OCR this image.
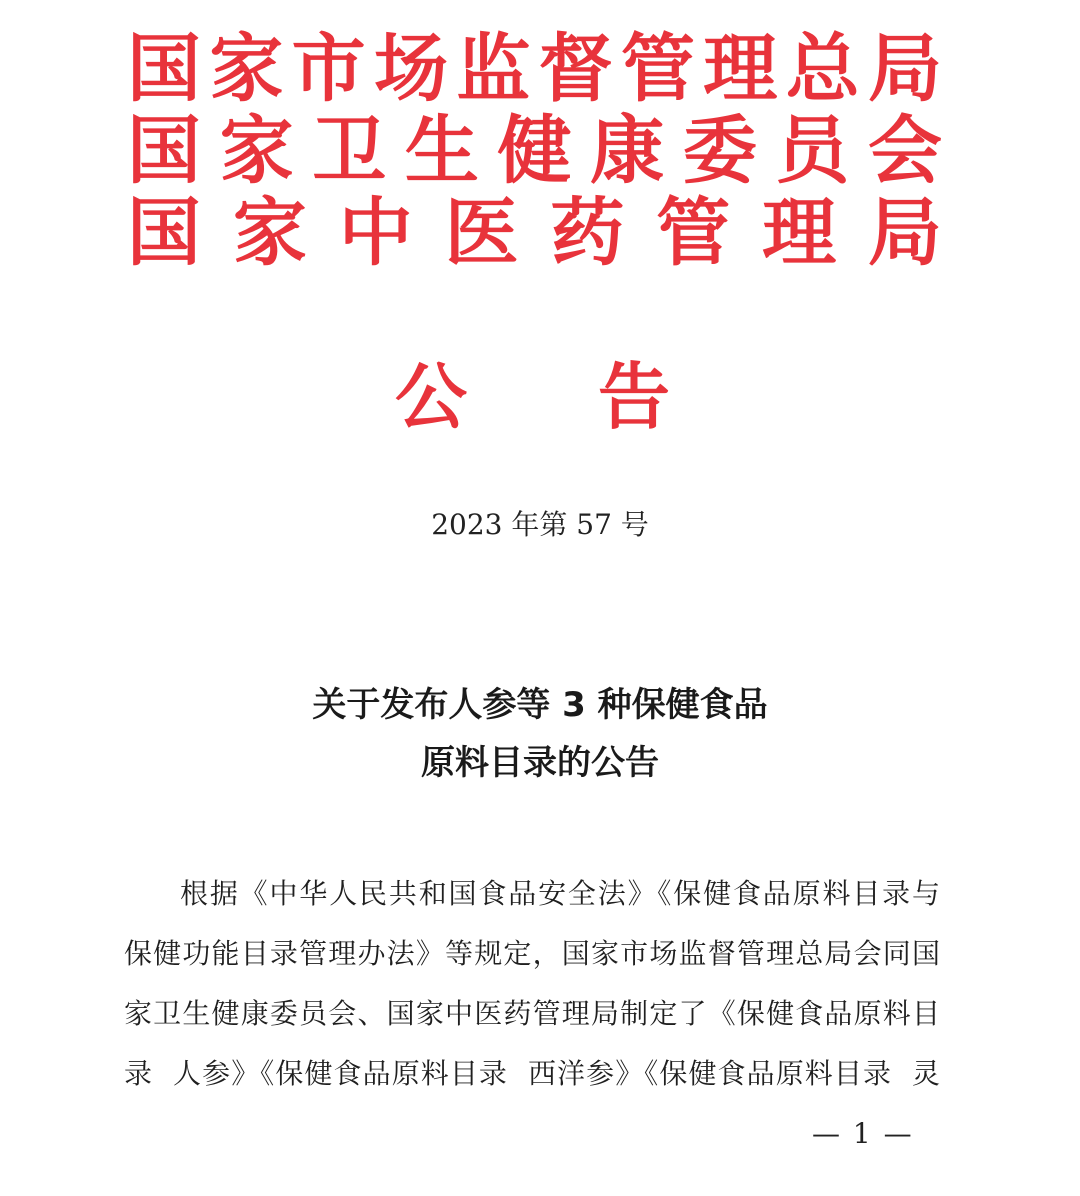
国 家 市 场 监 督 管 理 总 局
国 家 卫 生 健 康 委 员 会
国 家 中 医 药 管 理 局
公 告
2023 年第 57 号
关于发布人参等 3 种保健食品
原料目录的公告
根据《中华人民共和国食品安全法》《保健食品原料目录与
保健功能目录管理办法》等规定，国家市场监督管理总局会同国
家卫生健康委员会、国家中医药管理局制定了《保健食品原料目
录  人参》《保健食品原料目录  西洋参》《保健食品原料目录  灵
— 1 —
